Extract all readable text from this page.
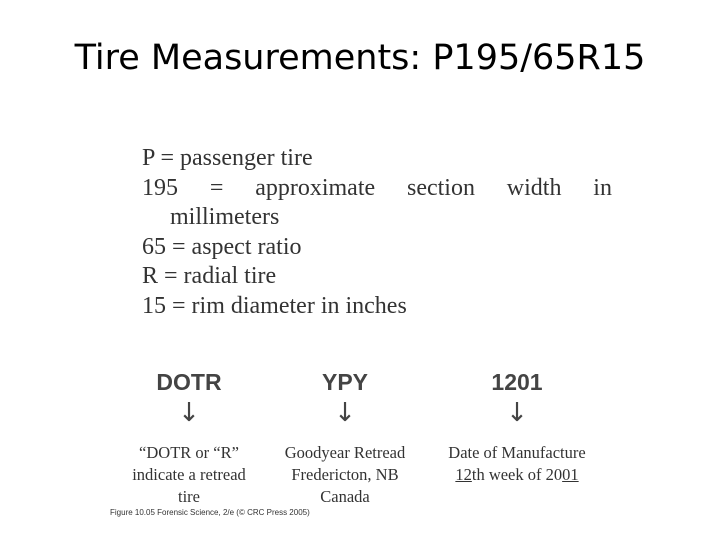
Tire Measurements: P195/65R15
P = passenger tire
195 = approximate section width in
millimeters
65 = aspect ratio
R = radial tire
15 = rim diameter in inches
DOTR
↓
“DOTR or “R”
indicate a retread
tire
YPY
↓
Goodyear Retread
Fredericton, NB
Canada
1201
↓
Date of Manufacture
12th week of 2001
Figure 10.05 Forensic Science, 2/e (© CRC Press 2005)
